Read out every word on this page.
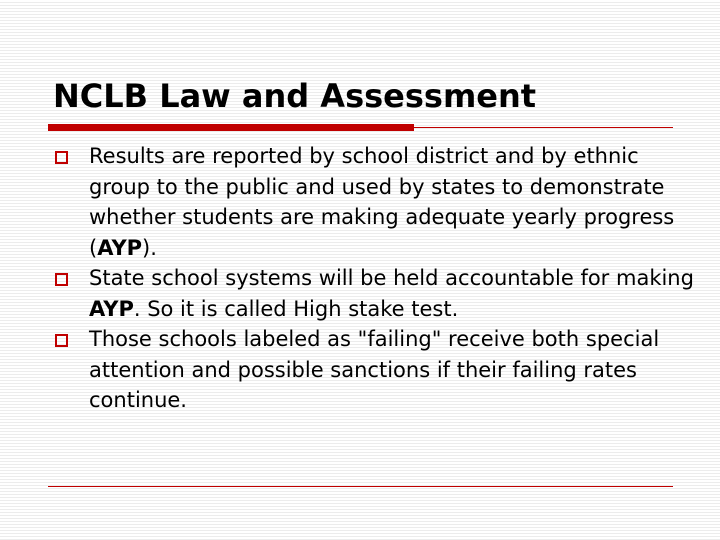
NCLB Law and Assessment
Results are reported by school district and by ethnic group to the public and used by states to demonstrate whether students are making adequate yearly progress (AYP).
State school systems will be held accountable for making AYP. So it is called High stake test.
Those schools labeled as "failing" receive both special attention and possible sanctions if their failing rates continue.
